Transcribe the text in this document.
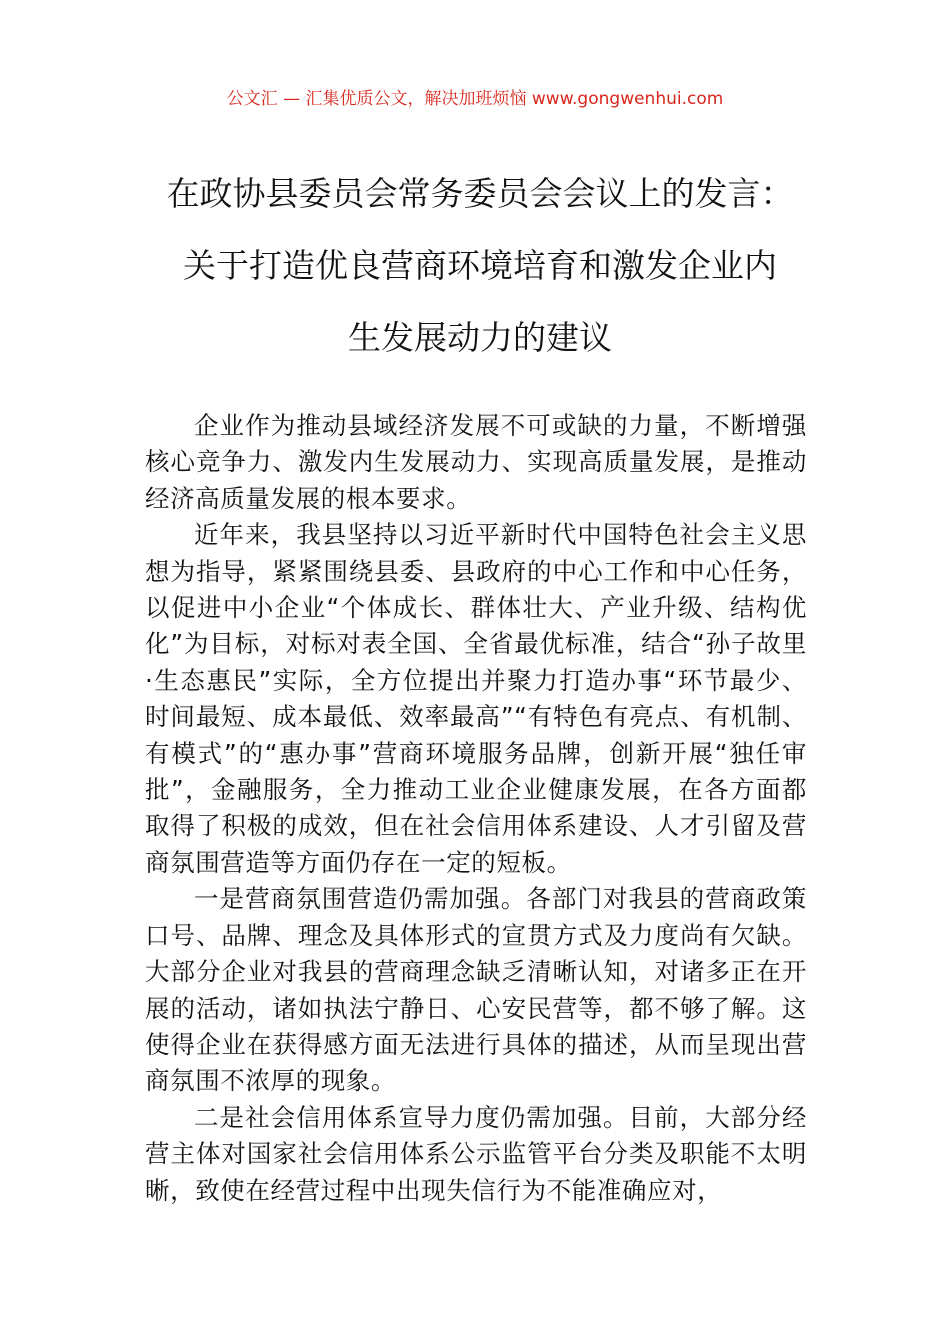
公文汇 — 汇集优质公文，解决加班烦恼 www.gongwenhui.com
在政协县委员会常务委员会会议上的发言：
关于打造优良营商环境培育和激发企业内
生发展动力的建议

企业作为推动县域经济发展不可或缺的力量，不断增强核心竞争力、激发内生发展动力、实现高质量发展，是推动经济高质量发展的根本要求。

近年来，我县坚持以习近平新时代中国特色社会主义思想为指导，紧紧围绕县委、县政府的中心工作和中心任务，以促进中小企业“个体成长、群体壮大、产业升级、结构优化”为目标，对标对表全国、全省最优标准，结合“孙子故里·生态惠民”实际，全方位提出并聚力打造办事“环节最少、时间最短、成本最低、效率最高”“有特色有亮点、有机制、有模式”的“惠办事”营商环境服务品牌，创新开展“独任审批”，金融服务，全力推动工业企业健康发展，在各方面都取得了积极的成效，但在社会信用体系建设、人才引留及营商氛围营造等方面仍存在一定的短板。

一是营商氛围营造仍需加强。各部门对我县的营商政策口号、品牌、理念及具体形式的宣贯方式及力度尚有欠缺。大部分企业对我县的营商理念缺乏清晰认知，对诸多正在开展的活动，诸如执法宁静日、心安民营等，都不够了解。这使得企业在获得感方面无法进行具体的描述，从而呈现出营商氛围不浓厚的现象。

二是社会信用体系宣导力度仍需加强。目前，大部分经营主体对国家社会信用体系公示监管平台分类及职能不太明晰，致使在经营过程中出现失信行为不能准确应对，
